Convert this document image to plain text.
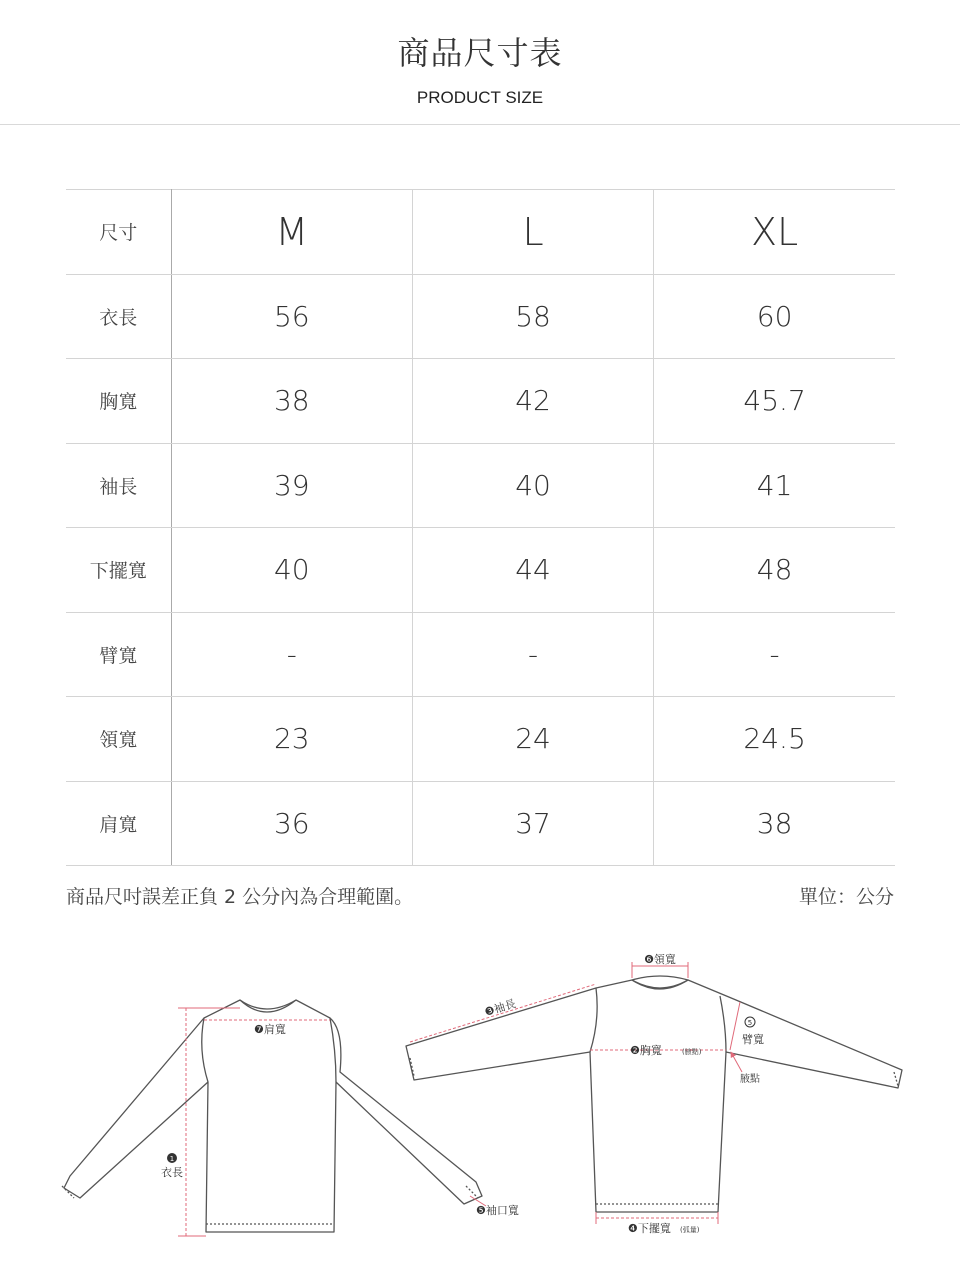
商品尺寸表
PRODUCT SIZE
尺寸	M	L	XL
衣長	56	58	60
胸寬	38	42	45.7
袖長	39	40	41
下擺寬	40	44	48
臂寬	-	-	-
領寬	23	24	24.5
肩寬	36	37	38
商品尺吋誤差正負 2 公分內為合理範圍。	單位：公分
1
衣長
❼肩寬
❺袖口寬
❻領寬
❸袖長
❷胸寬	(腋點)
5
臂寬
腋點
❹下擺寬 (弧量)
